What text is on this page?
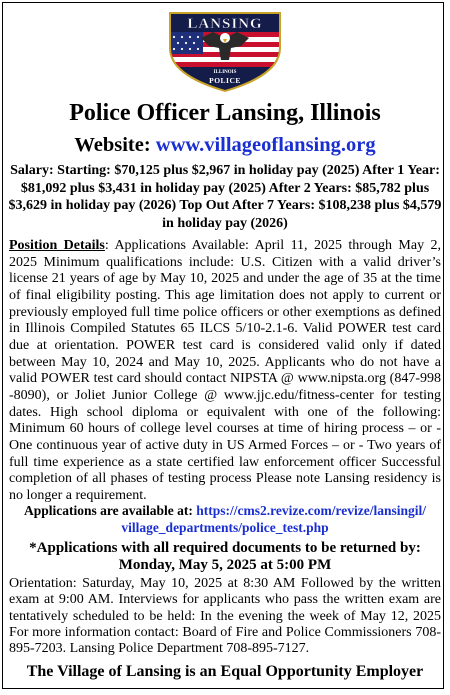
LANSING
ILLINOIS
POLICE
Police Officer Lansing, Illinois
Website: www.villageoflansing.org
Salary: Starting: $70,125 plus $2,967 in holiday pay (2025) After 1 Year: $81,092 plus $3,431 in holiday pay (2025) After 2 Years: $85,782 plus $3,629 in holiday pay (2026) Top Out After 7 Years: $108,238 plus $4,579 in holiday pay (2026)
Position Details: Applications Available: April 11, 2025 through May 2, 2025 Minimum qualifications include: U.S. Citizen with a valid driver’s license 21 years of age by May 10, 2025 and under the age of 35 at the time of final eligibility posting. This age limitation does not apply to current or previously employed full time police officers or other exemptions as defined in Illinois Compiled Statutes 65 ILCS 5/10-2.1-6. Valid POWER test card due at orientation. POWER test card is considered valid only if dated between May 10, 2024 and May 10, 2025. Applicants who do not have a valid POWER test card should contact NIPSTA @ www.nipsta.org (847-998 -8090), or Joliet Junior College @ www.jjc.edu/fitness-center for testing dates. High school diploma or equivalent with one of the following: Minimum 60 hours of college level courses at time of hiring process – or - One continuous year of active duty in US Armed Forces – or - Two years of full time experience as a state certified law enforcement officer Successful completion of all phases of testing process Please note Lansing residency is no longer a requirement.
Applications are available at: https://cms2.revize.com/revize/lansingil/
village_departments/police_test.php
*Applications with all required documents to be returned by:
Monday, May 5, 2025 at 5:00 PM
Orientation: Saturday, May 10, 2025 at 8:30 AM Followed by the written exam at 9:00 AM. Interviews for applicants who pass the written exam are tentatively scheduled to be held: In the evening the week of May 12, 2025 For more information contact: Board of Fire and Police Commissioners 708-895-7203. Lansing Police Department 708-895-7127.
The Village of Lansing is an Equal Opportunity Employer
